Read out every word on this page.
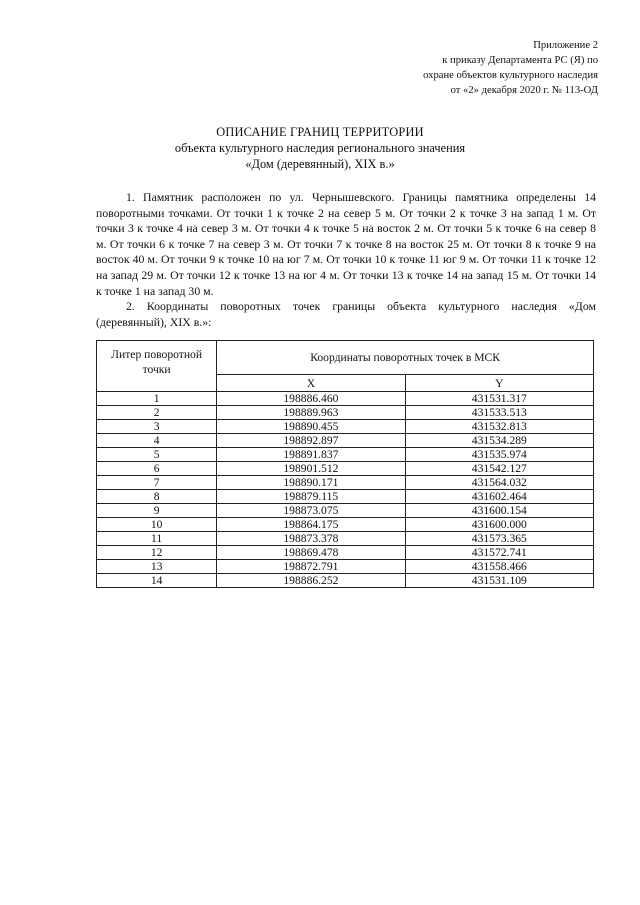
Приложение 2
к приказу Департамента РС (Я) по
охране объектов культурного наследия
от «2» декабря 2020 г. № 113-ОД
ОПИСАНИЕ ГРАНИЦ ТЕРРИТОРИИ
объекта культурного наследия регионального значения
«Дом (деревянный), XIX в.»

1. Памятник расположен по ул. Чернышевского. Границы памятника определены 14 поворотными точками. От точки 1 к точке 2 на север 5 м. От точки 2 к точке 3 на запад 1 м. От точки 3 к точке 4 на север 3 м. От точки 4 к точке 5 на восток 2 м. От точки 5 к точке 6 на север 8 м. От точки 6 к точке 7 на север 3 м. От точки 7 к точке 8 на восток 25 м. От точки 8 к точке 9 на восток 40 м. От точки 9 к точке 10 на юг 7 м. От точки 10 к точке 11 юг 9 м. От точки 11 к точке 12 на запад 29 м. От точки 12 к точке 13 на юг 4 м. От точки 13 к точке 14 на запад 15 м. От точки 14 к точке 1 на запад 30 м.

2. Координаты поворотных точек границы объекта культурного наследия «Дом (деревянный), XIX в.»:

Литер поворотной точки	Координаты поворотных точек в МСК	
	X	Y
1	198886.460	431531.317
2	198889.963	431533.513
3	198890.455	431532.813
4	198892.897	431534.289
5	198891.837	431535.974
6	198901.512	431542.127
7	198890.171	431564.032
8	198879.115	431602.464
9	198873.075	431600.154
10	198864.175	431600.000
11	198873.378	431573.365
12	198869.478	431572.741
13	198872.791	431558.466
14	198886.252	431531.109
